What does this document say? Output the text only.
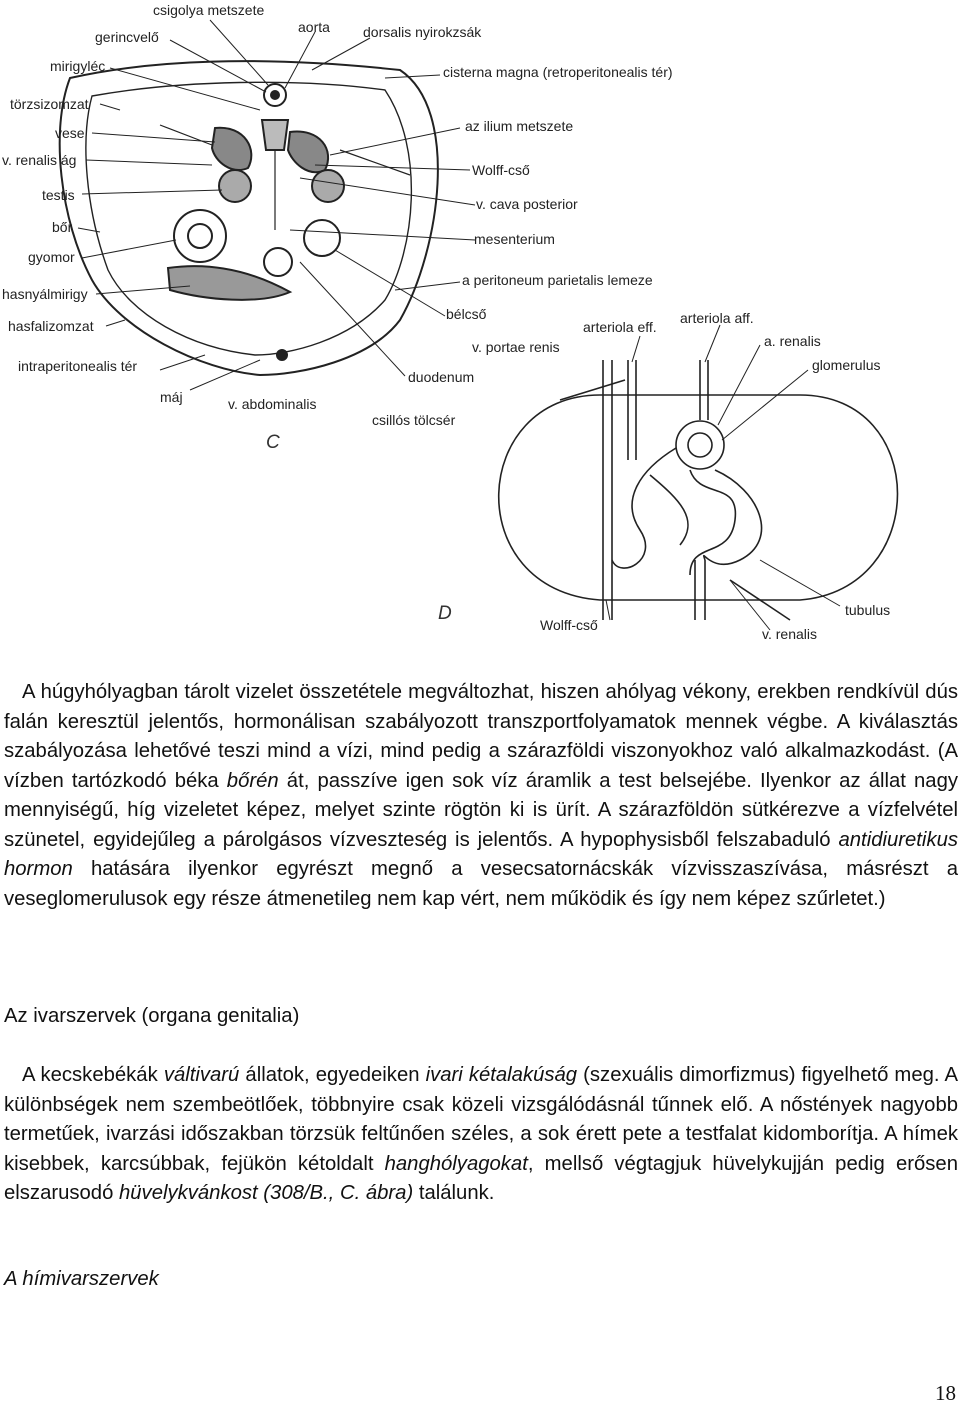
csigolya metszete
aorta dorsalis nyirokzsák
gerincvelő
mirigyléc	cisterna magna (retroperitonealis tér)
törzsizomzat
vese	az ilium metszete
v. renalis ág
Wolff-cső
testis
v. cava posterior
bőr
mesenterium
gyomor
a peritoneum parietalis lemeze
hasnyálmirigy
bélcső
hasfalizomzat
v. portae renis
intraperitonealis tér
duodenum
máj	v. abdominalis
csillós tölcsér
C
arteriola eff.
arteriola aff.
a. renalis
glomerulus
tubulus
Wolff-cső
v. renalis
D

A húgyhólyagban tárolt vizelet összetétele megváltozhat, hiszen ahólyag vékony, erekben rendkívül dús falán keresztül jelentős, hormonálisan szabályozott transzportfolyamatok mennek végbe. A kiválasztás szabályozása lehetővé teszi mind a vízi, mind pedig a szárazföldi viszonyokhoz való alkalmazkodást. (A vízben tartózkodó béka bőrén át, passzíve igen sok víz áramlik a test belsejébe. Ilyenkor az állat nagy mennyiségű, híg vizeletet képez, melyet szinte rögtön ki is ürít. A szárazföldön sütkérezve a vízfelvétel szünetel, egyidejűleg a párolgásos vízveszteség is jelentős. A hypophysisből felszabaduló antidiuretikus hormon hatására ilyenkor egyrészt megnő a vesecsatornácskák vízvisszaszívása, másrészt a veseglomerulusok egy része átmenetileg nem kap vért, nem működik és így nem képez szűrletet.)

Az ivarszervek (organa genitalia)

A kecskebékák váltivarú állatok, egyedeiken ivari kétalakúság (szexuális dimorfizmus) figyelhető meg. A különbségek nem szembeötlőek, többnyire csak közeli vizsgálódásnál tűnnek elő. A nőstények nagyobb termetűek, ivarzási időszakban törzsük feltűnően széles, a sok érett pete a testfalat kidomborítja. A hímek kisebbek, karcsúbbak, fejükön kétoldalt hanghólyagokat, mellső végtagjuk hüvelykujján pedig erősen elszarusodó hüvelykvánkost (308/B., C. ábra) találunk.

A hímivarszervek
18
